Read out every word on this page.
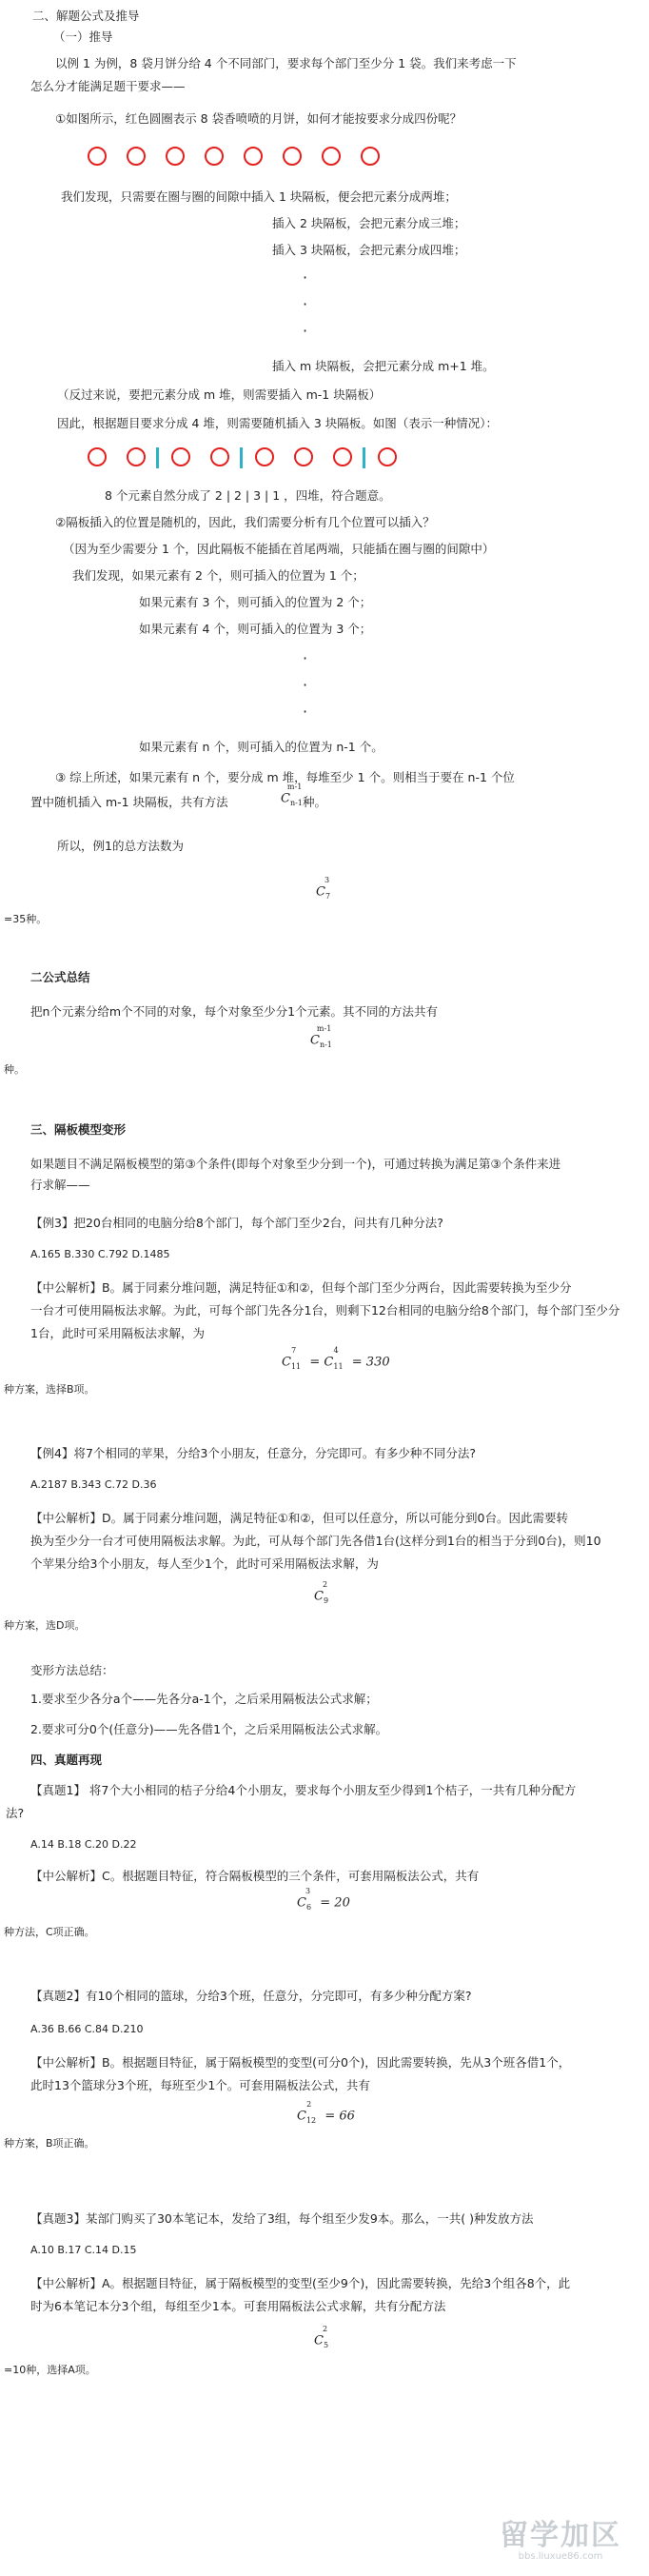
二、解题公式及推导

（一）推导

以例 1 为例，8 袋月饼分给 4 个不同部门，要求每个部门至少分 1 袋。我们来考虑一下

怎么分才能满足题干要求——

①如图所示，红色圆圈表示 8 袋香喷喷的月饼，如何才能按要求分成四份呢？

我们发现，只需要在圈与圈的间隙中插入 1 块隔板，便会把元素分成两堆；

插入 2 块隔板，会把元素分成三堆；

插入 3 块隔板，会把元素分成四堆；

·
·
·

插入 m 块隔板，会把元素分成 m+1 堆。

（反过来说，要把元素分成 m 堆，则需要插入 m-1 块隔板）

因此，根据题目要求分成 4 堆，则需要随机插入 3 块隔板。如图（表示一种情况）：

8 个元素自然分成了 2 | 2 | 3 | 1 ，四堆，符合题意。

②隔板插入的位置是随机的，因此，我们需要分析有几个位置可以插入？

（因为至少需要分 1 个，因此隔板不能插在首尾两端，只能插在圈与圈的间隙中）

我们发现，如果元素有 2 个，则可插入的位置为 1 个；

如果元素有 3 个，则可插入的位置为 2 个；

如果元素有 4 个，则可插入的位置为 3 个；

·
·
·

如果元素有 n 个，则可插入的位置为 n-1 个。

③ 综上所述，如果元素有 n 个，要分成 m 堆，每堆至少 1 个。则相当于要在 n-1 个位

置中随机插入 m-1 块隔板，共有方法	$C_{n-1}^{m-1}$

种。

所以，例1的总方法数为

$C_7^3$

=35种。

二公式总结

把n个元素分给m个不同的对象，每个对象至少分1个元素。其不同的方法共有

$C_{n-1}^{m-1}$

种。

三、隔板模型变形

如果题目不满足隔板模型的第③个条件(即每个对象至少分到一个)，可通过转换为满足第③个条件来进

行求解——

【例3】把20台相同的电脑分给8个部门，每个部门至少2台，问共有几种分法?

A.165 B.330 C.792 D.1485

【中公解析】B。属于同素分堆问题，满足特征①和②，但每个部门至少分两台，因此需要转换为至少分

一台才可使用隔板法求解。为此，可每个部门先各分1台，则剩下12台相同的电脑分给8个部门，每个部门至少分

1台，此时可采用隔板法求解，为

$C_{11}^7 = C_{11}^4 = 330$

种方案，选择B项。

【例4】将7个相同的苹果，分给3个小朋友，任意分，分完即可。有多少种不同分法?

A.2187 B.343 C.72 D.36

【中公解析】D。属于同素分堆问题，满足特征①和②，但可以任意分，所以可能分到0台。因此需要转

换为至少分一台才可使用隔板法求解。为此，可从每个部门先各借1台(这样分到1台的相当于分到0台)，则10

个苹果分给3个小朋友，每人至少1个，此时可采用隔板法求解，为

$C_9^2$

种方案，选D项。

变形方法总结：

1.要求至少各分a个——先各分a-1个，之后采用隔板法公式求解；

2.要求可分0个(任意分)——先各借1个，之后采用隔板法公式求解。

四、真题再现

【真题1】 将7个大小相同的桔子分给4个小朋友，要求每个小朋友至少得到1个桔子，一共有几种分配方

法?

A.14 B.18 C.20 D.22

【中公解析】C。根据题目特征，符合隔板模型的三个条件，可套用隔板法公式，共有

$C_6^3 = 20$

种方法，C项正确。

【真题2】有10个相同的篮球，分给3个班，任意分，分完即可，有多少种分配方案?

A.36 B.66 C.84 D.210

【中公解析】B。根据题目特征，属于隔板模型的变型(可分0个)，因此需要转换，先从3个班各借1个，

此时13个篮球分3个班，每班至少1个。可套用隔板法公式，共有

$C_{12}^2 = 66$

种方案，B项正确。

【真题3】某部门购买了30本笔记本，发给了3组，每个组至少发9本。那么，一共( )种发放方法

A.10 B.17 C.14 D.15

【中公解析】A。根据题目特征，属于隔板模型的变型(至少9个)，因此需要转换，先给3个组各8个，此

时为6本笔记本分3个组，每组至少1本。可套用隔板法公式求解，共有分配方法

$C_5^2$

=10种，选择A项。

留学加区
bbs.liuxue86.com
